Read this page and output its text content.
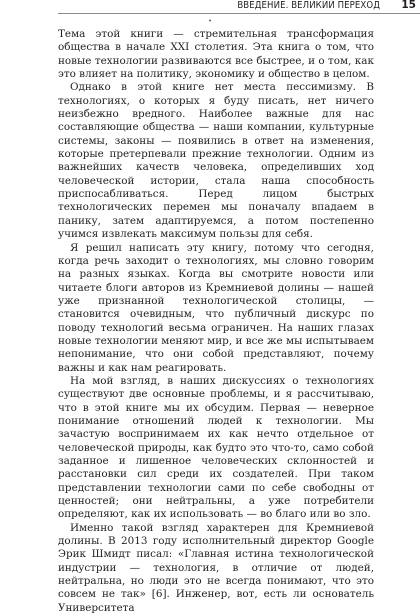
ВВЕДЕНИЕ. ВЕЛИКИЙ ПЕРЕХОД 15
•

Тема этой книги — стремительная трансформация общества в начале XXI столетия. Эта книга о том, что новые технологии развиваются все быстрее, и о том, как это влияет на политику, экономику и общество в целом.

Однако в этой книге нет места пессимизму. В технологиях, о которых я буду писать, нет ничего неизбежно вредного. Наиболее важные для нас составляющие общества — наши компании, культурные системы, законы — появились в ответ на изменения, которые претерпевали прежние технологии. Одним из важнейших качеств человека, определивших ход человеческой истории, стала наша способность приспосабливаться. Перед лицом быстрых технологических перемен мы поначалу впадаем в панику, затем адаптируемся, а потом постепенно учимся извлекать максимум пользы для себя.

Я решил написать эту книгу, потому что сегодня, когда речь заходит о технологиях, мы словно говорим на разных языках. Когда вы смотрите новости или читаете блоги авторов из Кремниевой долины — нашей уже признанной технологической столицы, — становится очевидным, что публичный дискурс по поводу технологий весьма ограничен. На наших глазах новые технологии меняют мир, и все же мы испытываем непонимание, что они собой представляют, почему важны и как нам реагировать.

На мой взгляд, в наших дискуссиях о технологиях существуют две основные проблемы, и я рассчитываю, что в этой книге мы их обсудим. Первая — неверное понимание отношений людей к технологии. Мы зачастую воспринимаем их как нечто отдельное от человеческой природы, как будто это что-то, само собой заданное и лишенное человеческих склонностей и расстановки сил среди их создателей. При таком представлении технологии сами по себе свободны от ценностей; они нейтральны, а уже потребители определяют, как их использовать — во благо или во зло.

Именно такой взгляд характерен для Кремниевой долины. В 2013 году исполнительный директор Google Эрик Шмидт писал: «Главная истина технологической индустрии — технология, в отличие от людей, нейтральна, но люди это не всегда понимают, что это совсем не так» [6]. Инженер, вот, есть ли основатель Университета
